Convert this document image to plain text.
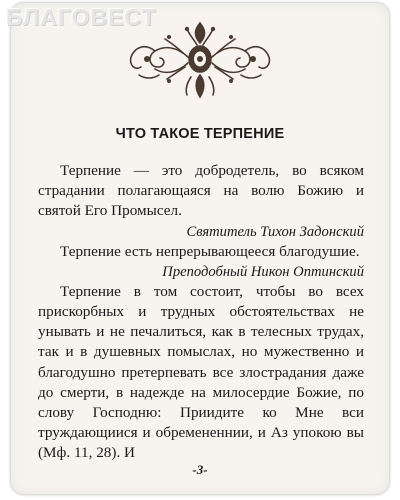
БЛАГОВЕСТ
ЧТО ТАКОЕ ТЕРПЕНИЕ

Терпение — это добродетель, во всяком страдании полагающаяся на волю Божию и святой Его Промысел.

Святитель Тихон Задонский

Терпение есть непрерывающееся благодушие.

Преподобный Никон Оптинский

Терпение в том состоит, чтобы во всех прискорбных и трудных обстоятельствах не унывать и не печалиться, как в телесных трудах, так и в душевных помыслах, но мужественно и благодушно претерпевать все злострадания даже до смерти, в надежде на милосердие Божие, по слову Господню: Приидите ко Мне вси труждающиися и обремененнии, и Аз упокою вы (Мф. 11, 28). И

-3-
